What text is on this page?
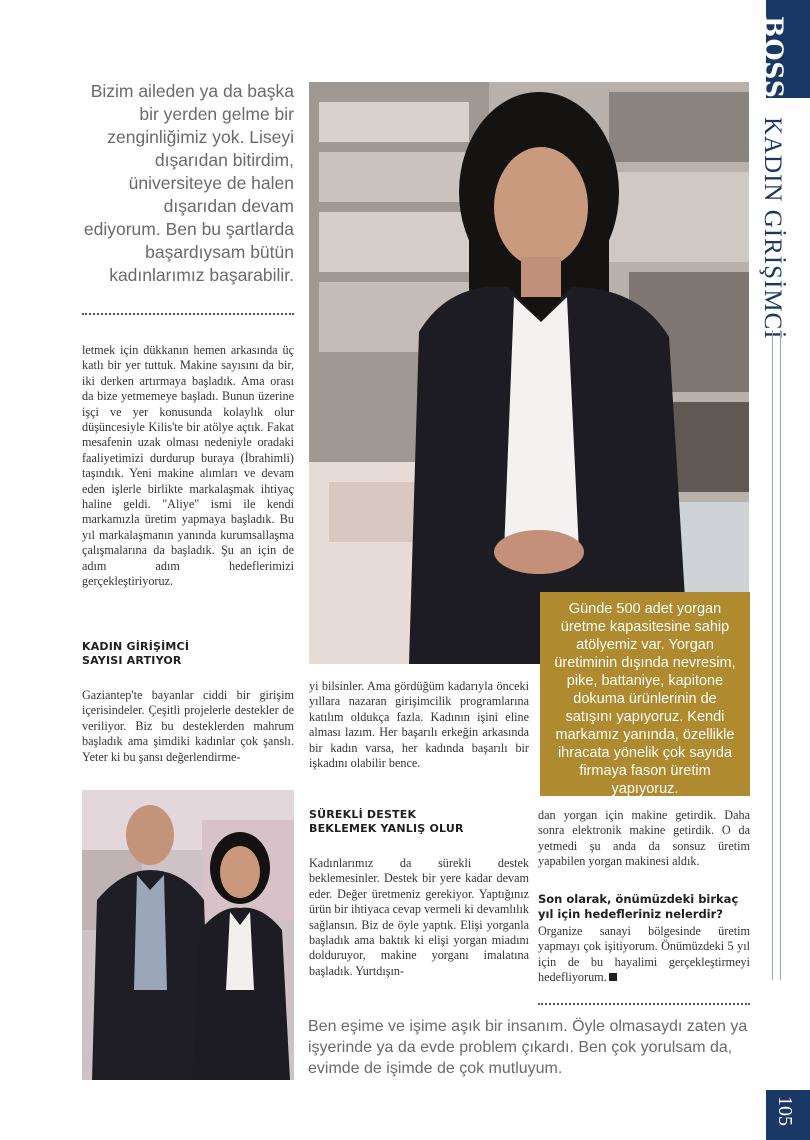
BOSS
KADIN GİRİŞİMCİ
105
Bizim aileden ya da başka bir yerden gelme bir zenginliğimiz yok. Liseyi dışarıdan bitirdim, üniversiteye de halen dışarıdan devam ediyorum. Ben bu şartlarda başardıysam bütün kadınlarımız başarabilir.
letmek için dükkanın hemen arkasında üç katlı bir yer tuttuk. Makine sayısını da bir, iki derken artırmaya başladık. Ama orası da bize yetmemeye başladı. Bunun üzerine işçi ve yer konusunda kolaylık olur düşüncesiyle Kilis'te bir atölye açtık. Fakat mesafenin uzak olması nedeniyle oradaki faaliyetimizi durdurup buraya (İbrahimli) taşındık. Yeni makine alımları ve devam eden işlerle birlikte markalaşmak ihtiyaç haline geldi. "Aliye" ismi ile kendi markamızla üretim yapmaya başladık. Bu yıl markalaşmanın yanında kurumsallaşma çalışmalarına da başladık. Şu an için de adım adım hedeflerimizi gerçekleştiriyoruz.
KADIN GİRİŞİMCİ
SAYISI ARTIYOR
Gaziantep'te bayanlar ciddi bir girişim içerisindeler. Çeşitli projelerle destekler de veriliyor. Biz bu desteklerden mahrum başladık ama şimdiki kadınlar çok şanslı. Yeter ki bu şansı değerlendirme-
yi bilsinler. Ama gördüğüm kadarıyla önceki yıllara nazaran girişimcilik programlarına katılım oldukça fazla. Kadının işini eline alması lazım. Her başarılı erkeğin arkasında bir kadın varsa, her kadında başarılı bir işkadını olabilir bence.
SÜREKLİ DESTEK
BEKLEMEK YANLIŞ OLUR
Kadınlarımız da sürekli destek beklemesinler. Destek bir yere kadar devam eder. Değer üretmeniz gerekiyor. Yaptığınız ürün bir ihtiyaca cevap vermeli ki devamlılık sağlansın. Biz de öyle yaptık. Elişi yorganla başladık ama baktık ki elişi yorgan miadını dolduruyor, makine yorganı imalatına başladık. Yurtdışın-
Günde 500 adet yorgan üretme kapasitesine sahip atölyemiz var. Yorgan üretiminin dışında nevresim, pike, battaniye, kapitone dokuma ürünlerinin de satışını yapıyoruz. Kendi markamız yanında, özellikle ihracata yönelik çok sayıda firmaya fason üretim yapıyoruz.
dan yorgan için makine getirdik. Daha sonra elektronik makine getirdik. O da yetmedi şu anda da sonsuz üretim yapabilen yorgan makinesi aldık.
Son olarak, önümüzdeki birkaç yıl için hedefleriniz nelerdir?
Organize sanayi bölgesinde üretim yapmayı çok işitiyorum. Önümüzdeki 5 yıl için de bu hayalimi gerçekleştirmeyi hedefliyorum.
Ben eşime ve işime aşık bir insanım. Öyle olmasaydı zaten ya işyerinde ya da evde problem çıkardı. Ben çok yorulsam da, evimde de işimde de çok mutluyum.
